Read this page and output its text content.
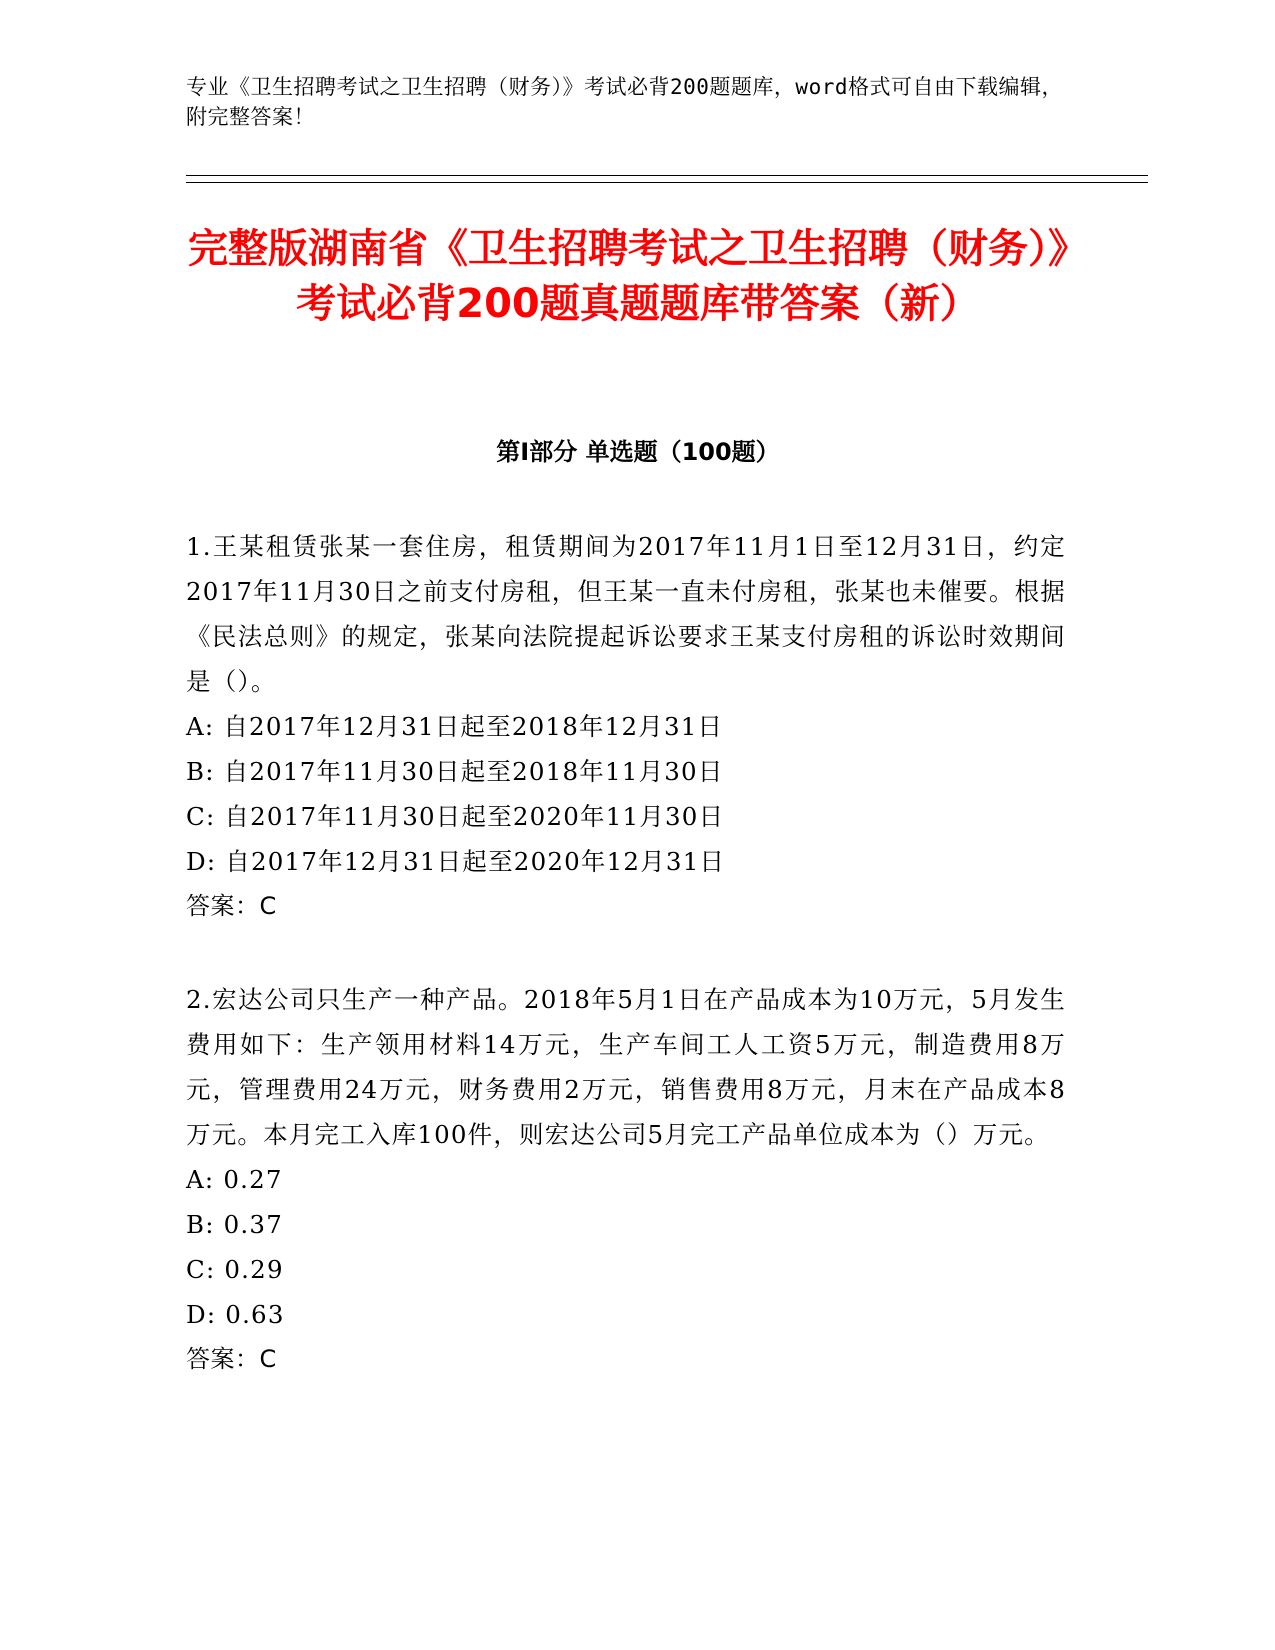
专业《卫生招聘考试之卫生招聘（财务）》考试必背200题题库，word格式可自由下载编辑，附完整答案！

完整版湖南省《卫生招聘考试之卫生招聘（财务）》考试必背200题真题题库带答案（新）
第I部分 单选题（100题）

1.王某租赁张某一套住房，租赁期间为2017年11月1日至12月31日，约定2017年11月30日之前支付房租，但王某一直未付房租，张某也未催要。根据《民法总则》的规定，张某向法院提起诉讼要求王某支付房租的诉讼时效期间是（）。

A: 自2017年12月31日起至2018年12月31日

B: 自2017年11月30日起至2018年11月30日

C: 自2017年11月30日起至2020年11月30日

D: 自2017年12月31日起至2020年12月31日

答案：C

2.宏达公司只生产一种产品。2018年5月1日在产品成本为10万元，5月发生费用如下：生产领用材料14万元，生产车间工人工资5万元，制造费用8万元，管理费用24万元，财务费用2万元，销售费用8万元，月末在产品成本8万元。本月完工入库100件，则宏达公司5月完工产品单位成本为（）万元。

A: 0.27

B: 0.37

C: 0.29

D: 0.63

答案：C
